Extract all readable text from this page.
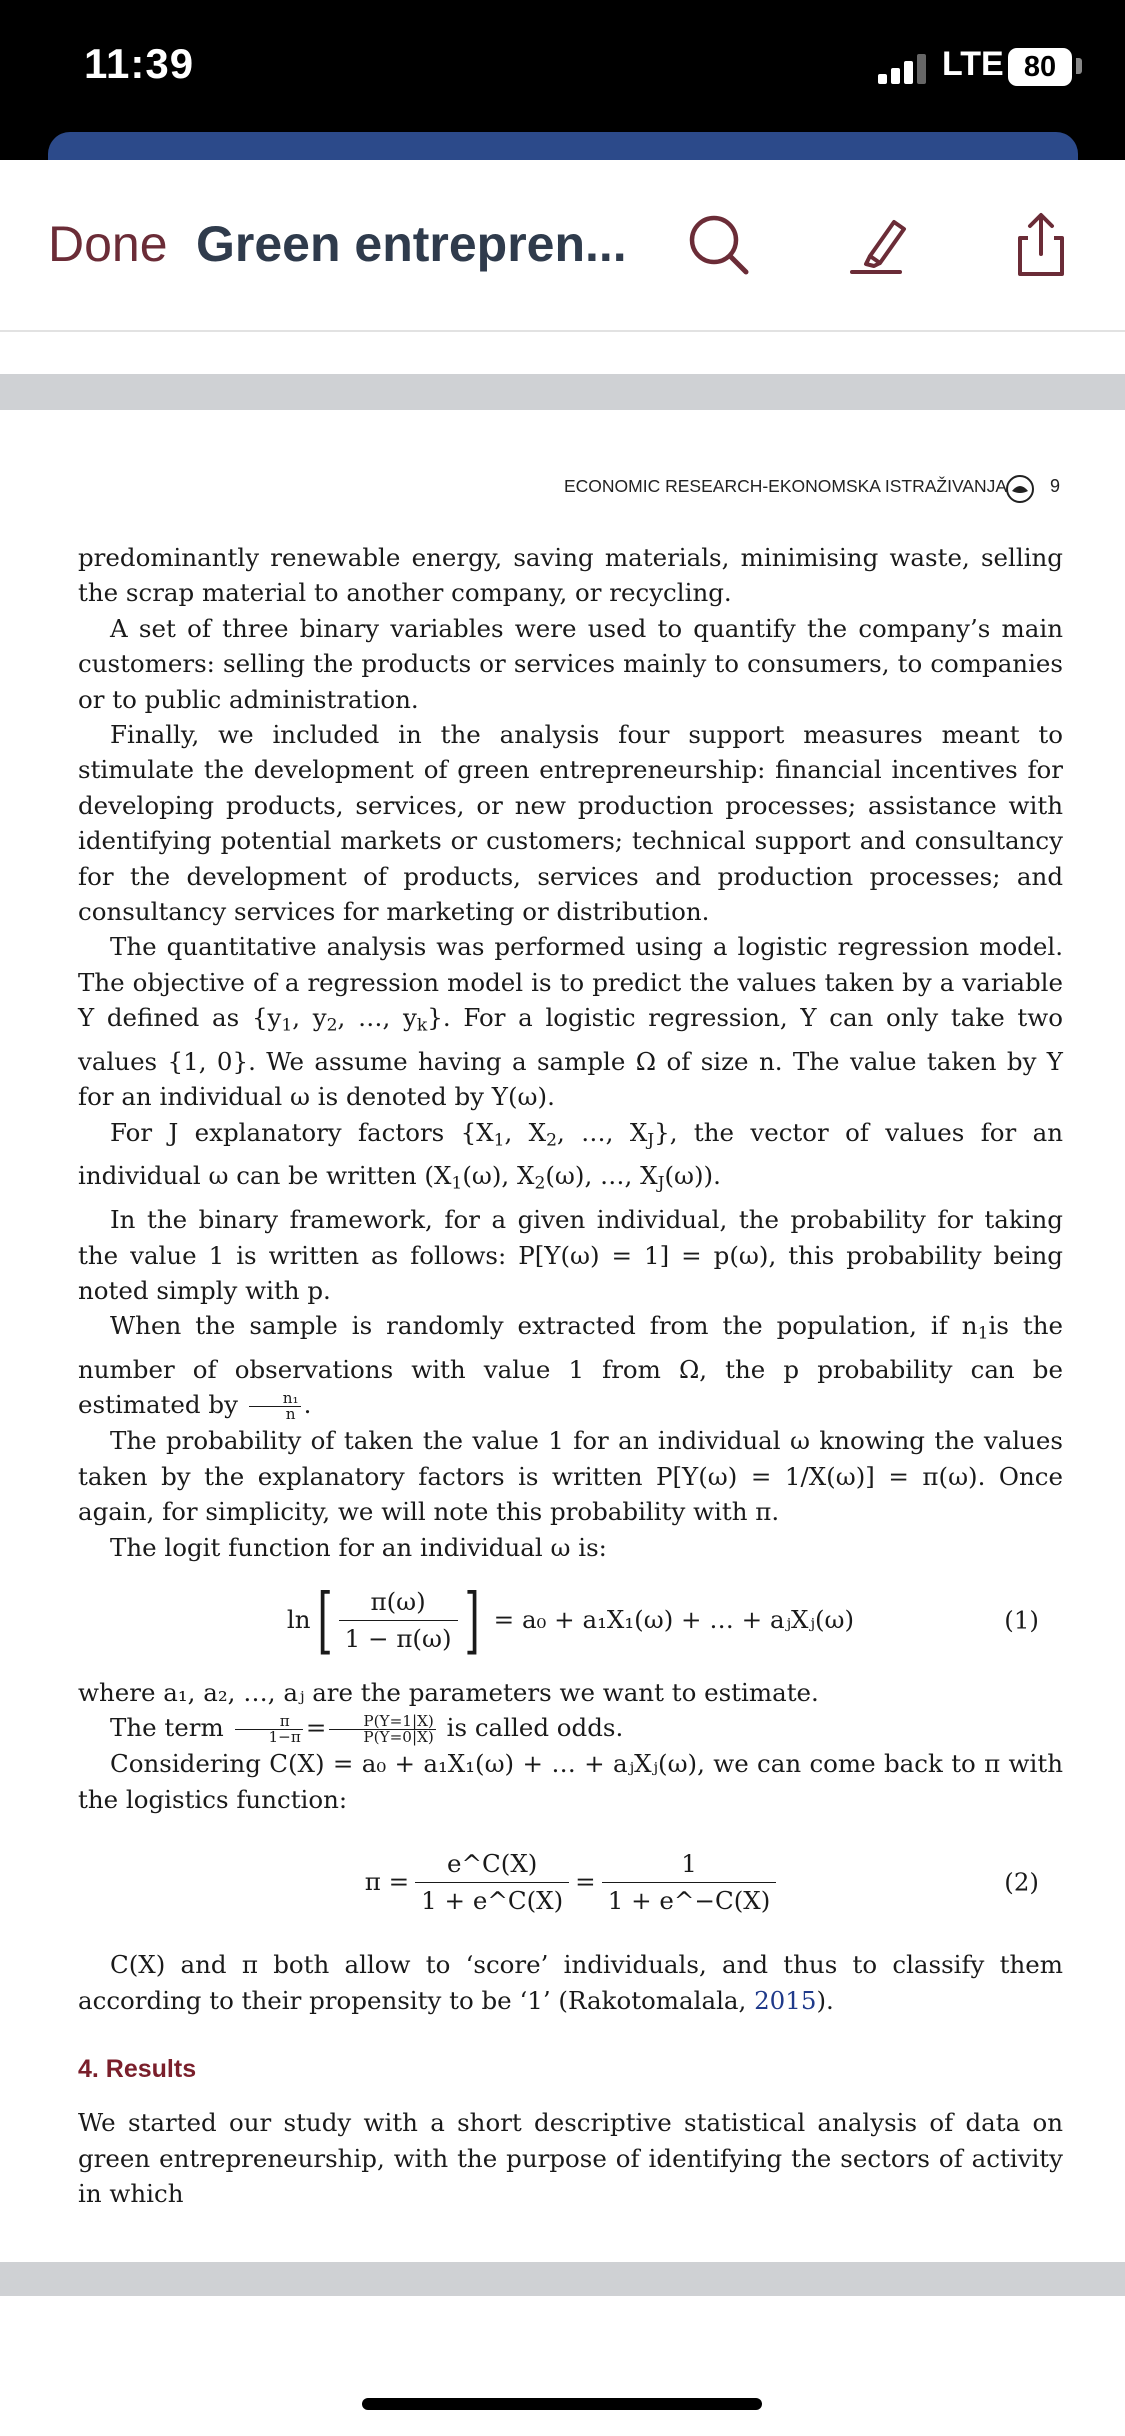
11:39	LTE 80
Done Green entrepren...
ECONOMIC RESEARCH-EKONOMSKA ISTRAŽIVANJA 9

predominantly renewable energy, saving materials, minimising waste, selling the scrap material to another company, or recycling.

A set of three binary variables were used to quantify the company’s main customers: selling the products or services mainly to consumers, to companies or to public administration.

Finally, we included in the analysis four support measures meant to stimulate the development of green entrepreneurship: financial incentives for developing products, services, or new production processes; assistance with identifying potential markets or customers; technical support and consultancy for the development of products, services and production processes; and consultancy services for marketing or distribution.

The quantitative analysis was performed using a logistic regression model. The objective of a regression model is to predict the values taken by a variable Y defined as {$y_1$, $y_2$, …, $y_k$}. For a logistic regression, Y can only take two values {1, 0}. We assume having a sample Ω of size n. The value taken by Y for an individual ω is denoted by Y(ω).

For J explanatory factors {$X_1$, $X_2$, …, $X_J$}, the vector of values for an individual ω can be written ($X_1(\omega)$, $X_2(\omega)$, …, $X_J(\omega)$).

In the binary framework, for a given individual, the probability for taking the value 1 is written as follows: P[Y(ω) = 1] = p(ω), this probability being noted simply with p.

When the sample is randomly extracted from the population, if $n_1is$ the number of observations with value 1 from Ω, the p probability can be estimated by $\frac{\text{n₁}}{n}$ .

The probability of taken the value 1 for an individual ω knowing the values taken by the explanatory factors is written P[Y(ω) = 1/X(ω)] = π(ω). Once again, for simplicity, we will note this probability with π.

The logit function for an individual ω is:

ln [ $\frac{\pi(\omega)}{1 - \pi(\omega)}$ ] = a₀ + a₁X₁(ω) + … + aⱼXⱼ(ω)	(1)

where a₁, a₂, …, aⱼ are the parameters we want to estimate.

The term $\frac{\pi}{1-\pi} = \frac{P(Y=1|X)}{P(Y=0|X)}$ is called odds.

Considering C(X) = a₀ + a₁X₁(ω) + … + aⱼXⱼ(ω), we can come back to π with the logistics function:

$\pi = \frac{e\^{}C(X)}{1 + e\^{}C(X)} = \frac{1}{1 + e\^{}-C(X)}$	(2)

C(X) and π both allow to ‘score’ individuals, and thus to classify them according to their propensity to be ‘1’ (Rakotomalala, 2015).

4. Results

We started our study with a short descriptive statistical analysis of data on green entrepreneurship, with the purpose of identifying the sectors of activity in which
